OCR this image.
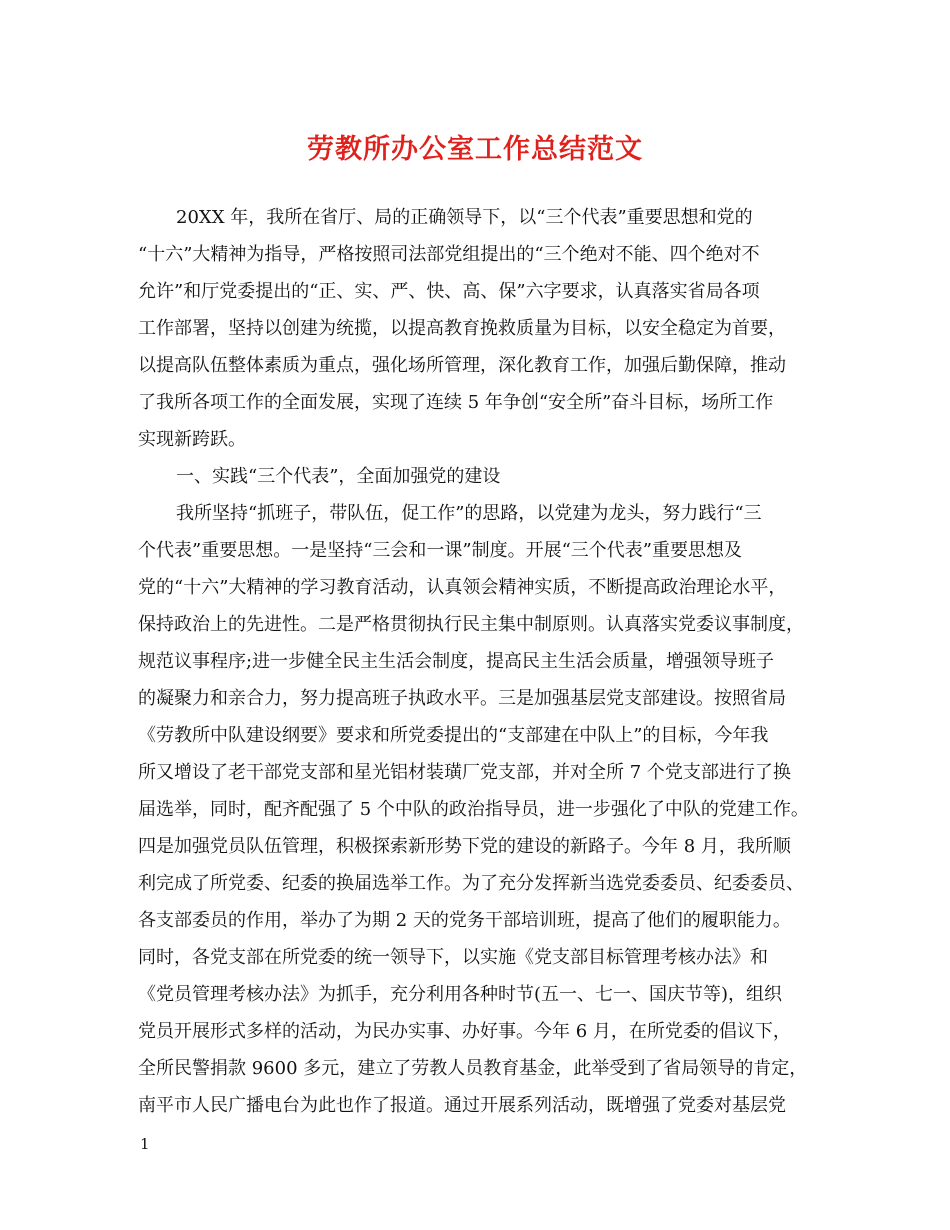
劳教所办公室工作总结范文
20XX 年，我所在省厅、局的正确领导下，以“三个代表”重要思想和党的
“十六”大精神为指导，严格按照司法部党组提出的“三个绝对不能、四个绝对不
允许”和厅党委提出的“正、实、严、快、高、保”六字要求，认真落实省局各项
工作部署，坚持以创建为统揽，以提高教育挽救质量为目标，以安全稳定为首要，
以提高队伍整体素质为重点，强化场所管理，深化教育工作，加强后勤保障，推动
了我所各项工作的全面发展，实现了连续 5 年争创“安全所”奋斗目标，场所工作
实现新跨跃。
一、实践“三个代表”，全面加强党的建设
我所坚持“抓班子，带队伍，促工作”的思路，以党建为龙头，努力践行“三
个代表”重要思想。一是坚持“三会和一课”制度。开展“三个代表”重要思想及
党的“十六”大精神的学习教育活动，认真领会精神实质，不断提高政治理论水平，
保持政治上的先进性。二是严格贯彻执行民主集中制原则。认真落实党委议事制度，
规范议事程序;进一步健全民主生活会制度，提高民主生活会质量，增强领导班子
的凝聚力和亲合力，努力提高班子执政水平。三是加强基层党支部建设。按照省局
《劳教所中队建设纲要》要求和所党委提出的“支部建在中队上”的目标，今年我
所又增设了老干部党支部和星光铝材装璜厂党支部，并对全所 7 个党支部进行了换
届选举，同时，配齐配强了 5 个中队的政治指导员，进一步强化了中队的党建工作。
四是加强党员队伍管理，积极探索新形势下党的建设的新路子。今年 8 月，我所顺
利完成了所党委、纪委的换届选举工作。为了充分发挥新当选党委委员、纪委委员、
各支部委员的作用，举办了为期 2 天的党务干部培训班，提高了他们的履职能力。
同时，各党支部在所党委的统一领导下，以实施《党支部目标管理考核办法》和
《党员管理考核办法》为抓手，充分利用各种时节(五一、七一、国庆节等)，组织
党员开展形式多样的活动，为民办实事、办好事。今年 6 月，在所党委的倡议下，
全所民警捐款 9600 多元，建立了劳教人员教育基金，此举受到了省局领导的肯定，
南平市人民广播电台为此也作了报道。通过开展系列活动，既增强了党委对基层党
1
